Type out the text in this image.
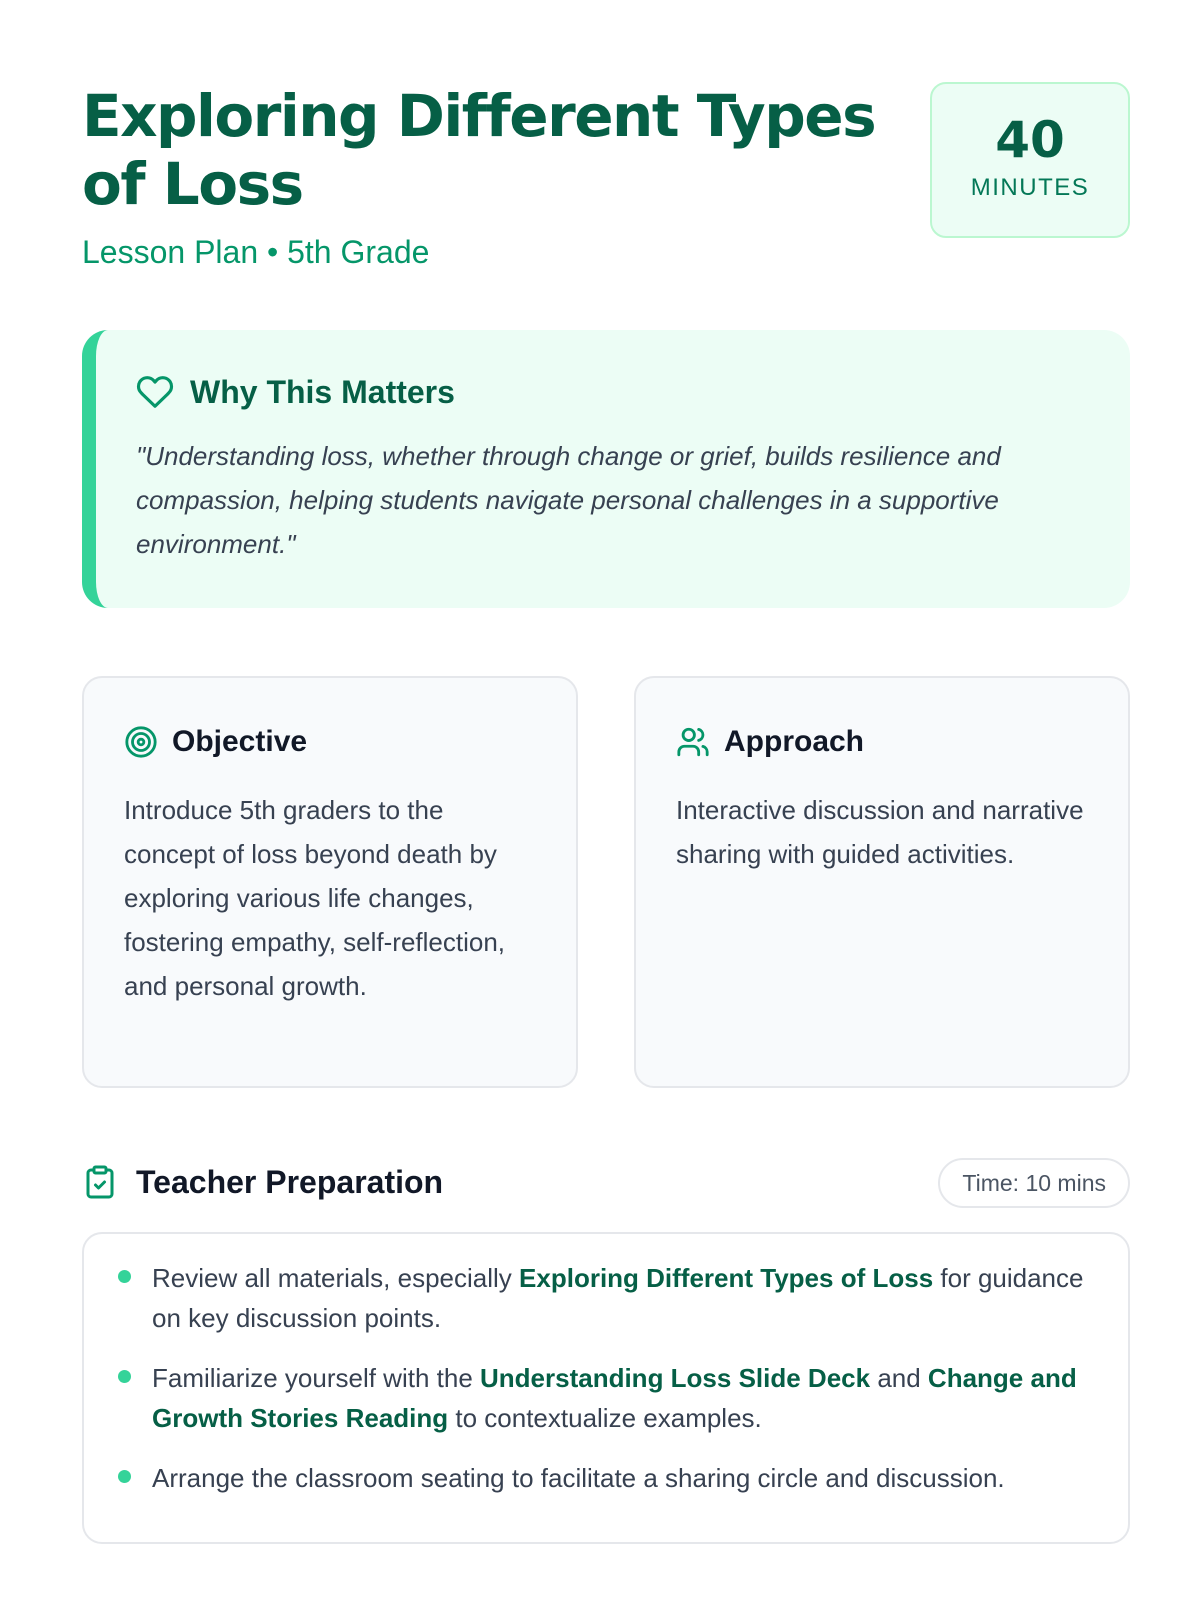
Exploring Different Types of Loss
Lesson Plan • 5th Grade
40
MINUTES
Why This Matters

"Understanding loss, whether through change or grief, builds resilience and compassion, helping students navigate personal challenges in a supportive environment."

Objective

Introduce 5th graders to the concept of loss beyond death by exploring various life changes, fostering empathy, self-reflection, and personal growth.

Approach

Interactive discussion and narrative sharing with guided activities.

Teacher Preparation	Time: 10 mins
Review all materials, especially Exploring Different Types of Loss for guidance on key discussion points.
Familiarize yourself with the Understanding Loss Slide Deck and Change and Growth Stories Reading to contextualize examples.
Arrange the classroom seating to facilitate a sharing circle and discussion.
